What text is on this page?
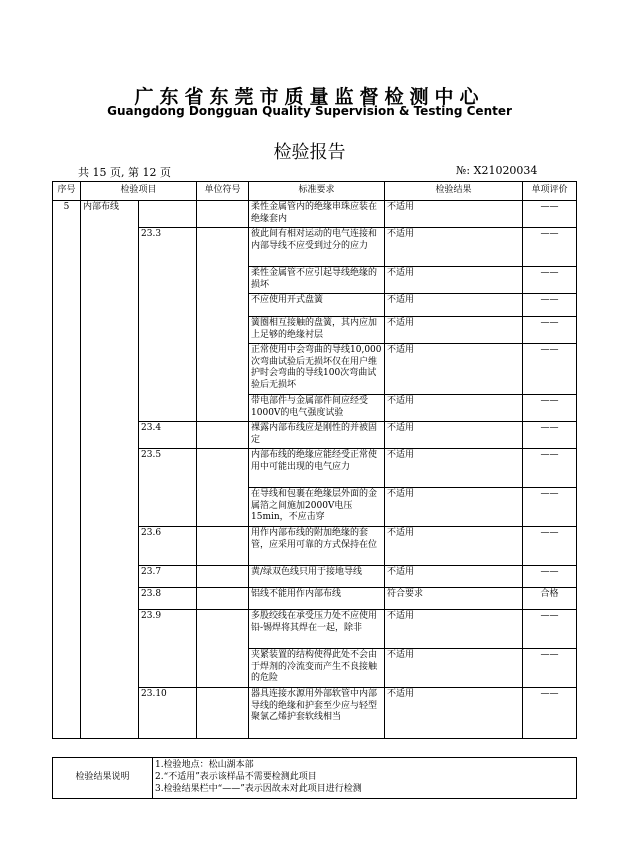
广东省东莞市质量监督检测中心
Guangdong Dongguan Quality Supervision & Testing Center
检验报告
共 15 页, 第 12 页	№: X21020034
序号	检验项目		单位符号	标准要求	检验结果	单项评价
5	内部布线			柔性金属管内的绝缘串珠应装在绝缘套内	不适用	——
		23.3		彼此间有相对运动的电气连接和内部导线不应受到过分的应力	不适用	——
				柔性金属管不应引起导线绝缘的损坏	不适用	——
				不应使用开式盘簧	不适用	——
				簧圈相互接触的盘簧，其内应加上足够的绝缘衬层	不适用	——
				正常使用中会弯曲的导线10,000次弯曲试验后无损坏仅在用户维护时会弯曲的导线100次弯曲试验后无损坏	不适用	——
				带电部件与金属部件间应经受1000V的电气强度试验	不适用	——
		23.4		裸露内部布线应是刚性的并被固定	不适用	——
		23.5		内部布线的绝缘应能经受正常使用中可能出现的电气应力	不适用	——
				在导线和包裹在绝缘层外面的金属箔之间施加2000V电压15min，不应击穿	不适用	——
		23.6		用作内部布线的附加绝缘的套管，应采用可靠的方式保持在位	不适用	——
		23.7		黄/绿双色线只用于接地导线	不适用	——
		23.8		铝线不能用作内部布线	符合要求	合格
		23.9		多股绞线在承受压力处不应使用铅-锡焊将其焊在一起，除非	不适用	——
				夹紧装置的结构使得此处不会由于焊剂的冷流变而产生不良接触的危险	不适用	——
		23.10		器具连接水源用外部软管中内部导线的绝缘和护套至少应与轻型聚氯乙烯护套软线相当	不适用	——
检验结果说明	
1.检验地点：松山湖本部
2.“不适用”表示该样品不需要检测此项目
3.检验结果栏中“——”表示因故未对此项目进行检测
